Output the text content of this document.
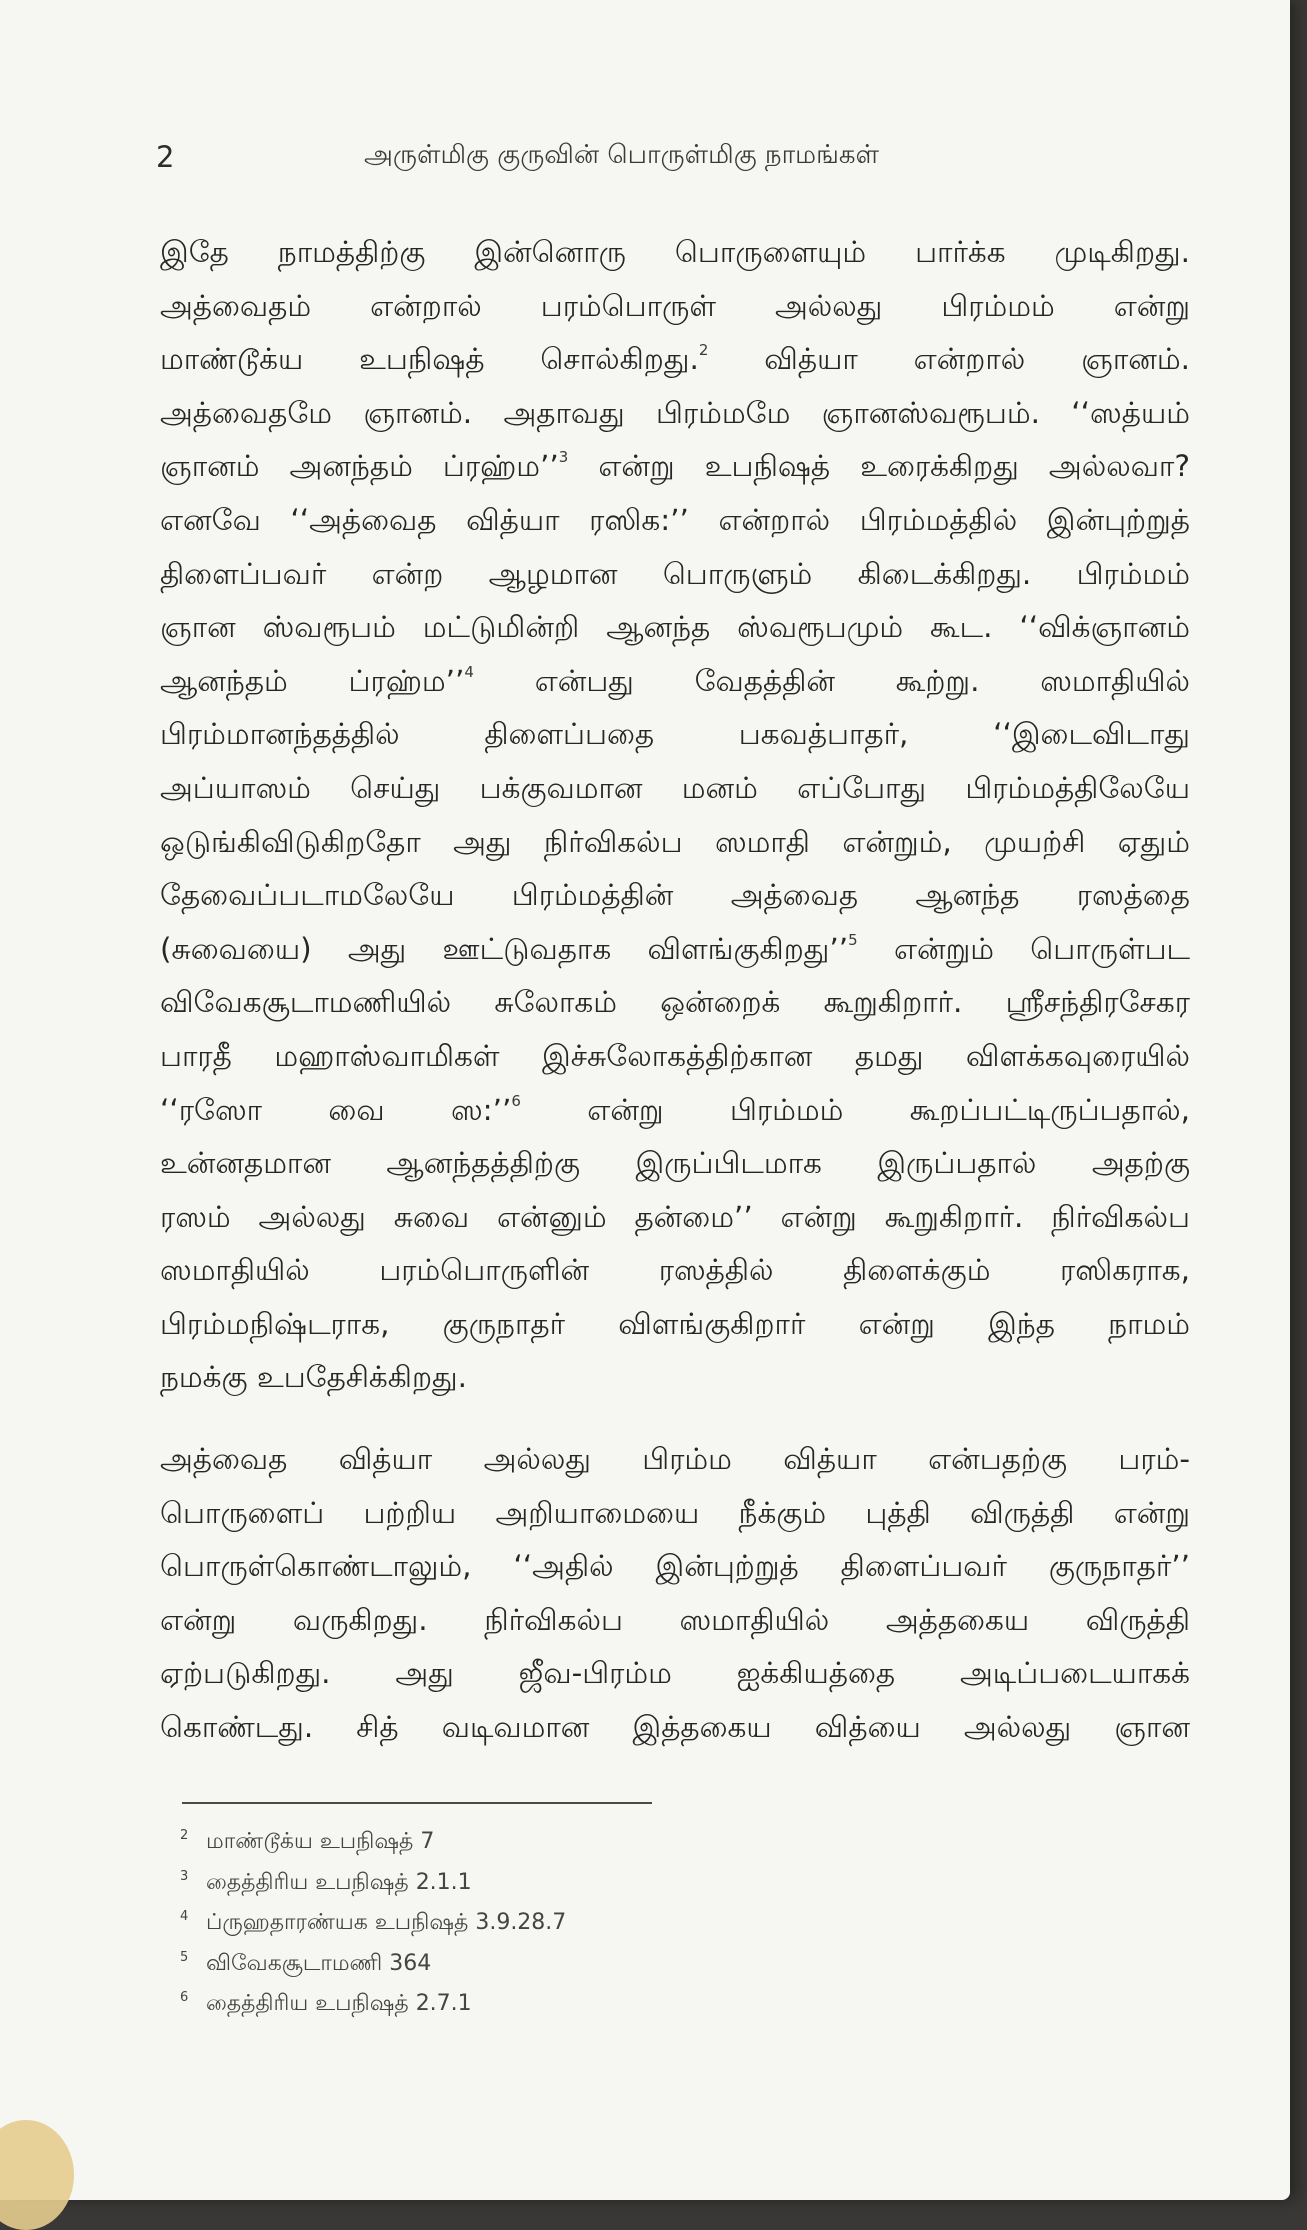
2	அருள்மிகு குருவின் பொருள்மிகு நாமங்கள்
இதே நாமத்திற்கு இன்னொரு பொருளையும் பார்க்க முடிகிறது.
அத்வைதம் என்றால் பரம்பொருள் அல்லது பிரம்மம் என்று
மாண்டூக்ய உபநிஷத் சொல்கிறது.$^2$ வித்யா என்றால் ஞானம்.
அத்வைதமே ஞானம். அதாவது பிரம்மமே ஞானஸ்வரூபம். ‘‘ஸத்யம்
ஞானம் அனந்தம் ப்ரஹ்ம’’$^3$ என்று உபநிஷத் உரைக்கிறது அல்லவா?
எனவே ‘‘அத்வைத வித்யா ரஸிக:’’ என்றால் பிரம்மத்தில் இன்புற்றுத்
திளைப்பவர் என்ற ஆழமான பொருளும் கிடைக்கிறது. பிரம்மம்
ஞான ஸ்வரூபம் மட்டுமின்றி ஆனந்த ஸ்வரூபமும் கூட. ‘‘விக்ஞானம்
ஆனந்தம் ப்ரஹ்ம’’$^4$ என்பது வேதத்தின் கூற்று. ஸமாதியில்
பிரம்மானந்தத்தில் திளைப்பதை பகவத்பாதர், ‘‘இடைவிடாது
அப்யாஸம் செய்து பக்குவமான மனம் எப்போது பிரம்மத்திலேயே
ஒடுங்கிவிடுகிறதோ அது நிர்விகல்ப ஸமாதி என்றும், முயற்சி ஏதும்
தேவைப்படாமலேயே பிரம்மத்தின் அத்வைத ஆனந்த ரஸத்தை
(சுவையை) அது ஊட்டுவதாக விளங்குகிறது’’$^5$ என்றும் பொருள்பட
விவேகசூடாமணியில் சுலோகம் ஒன்றைக் கூறுகிறார். ஸ்ரீசந்திரசேகர
பாரதீ மஹாஸ்வாமிகள் இச்சுலோகத்திற்கான தமது விளக்கவுரையில்
‘‘ரஸோ வை ஸ:’’$^6$ என்று பிரம்மம் கூறப்பட்டிருப்பதால்,
உன்னதமான ஆனந்தத்திற்கு இருப்பிடமாக இருப்பதால் அதற்கு
ரஸம் அல்லது சுவை என்னும் தன்மை’’ என்று கூறுகிறார். நிர்விகல்ப
ஸமாதியில் பரம்பொருளின் ரஸத்தில் திளைக்கும் ரஸிகராக,
பிரம்மநிஷ்டராக, குருநாதர் விளங்குகிறார் என்று இந்த நாமம்
நமக்கு உபதேசிக்கிறது.
அத்வைத வித்யா அல்லது பிரம்ம வித்யா என்பதற்கு பரம்-
பொருளைப் பற்றிய அறியாமையை நீக்கும் புத்தி விருத்தி என்று
பொருள்கொண்டாலும், ‘‘அதில் இன்புற்றுத் திளைப்பவர் குருநாதர்’’
என்று வருகிறது. நிர்விகல்ப ஸமாதியில் அத்தகைய விருத்தி
ஏற்படுகிறது. அது ஜீவ-பிரம்ம ஐக்கியத்தை அடிப்படையாகக்
கொண்டது. சித் வடிவமான இத்தகைய வித்யை அல்லது ஞான
2 மாண்டூக்ய உபநிஷத் 7
3 தைத்திரிய உபநிஷத் 2.1.1
4 ப்ருஹதாரண்யக உபநிஷத் 3.9.28.7
5 விவேகசூடாமணி 364
6 தைத்திரிய உபநிஷத் 2.7.1
